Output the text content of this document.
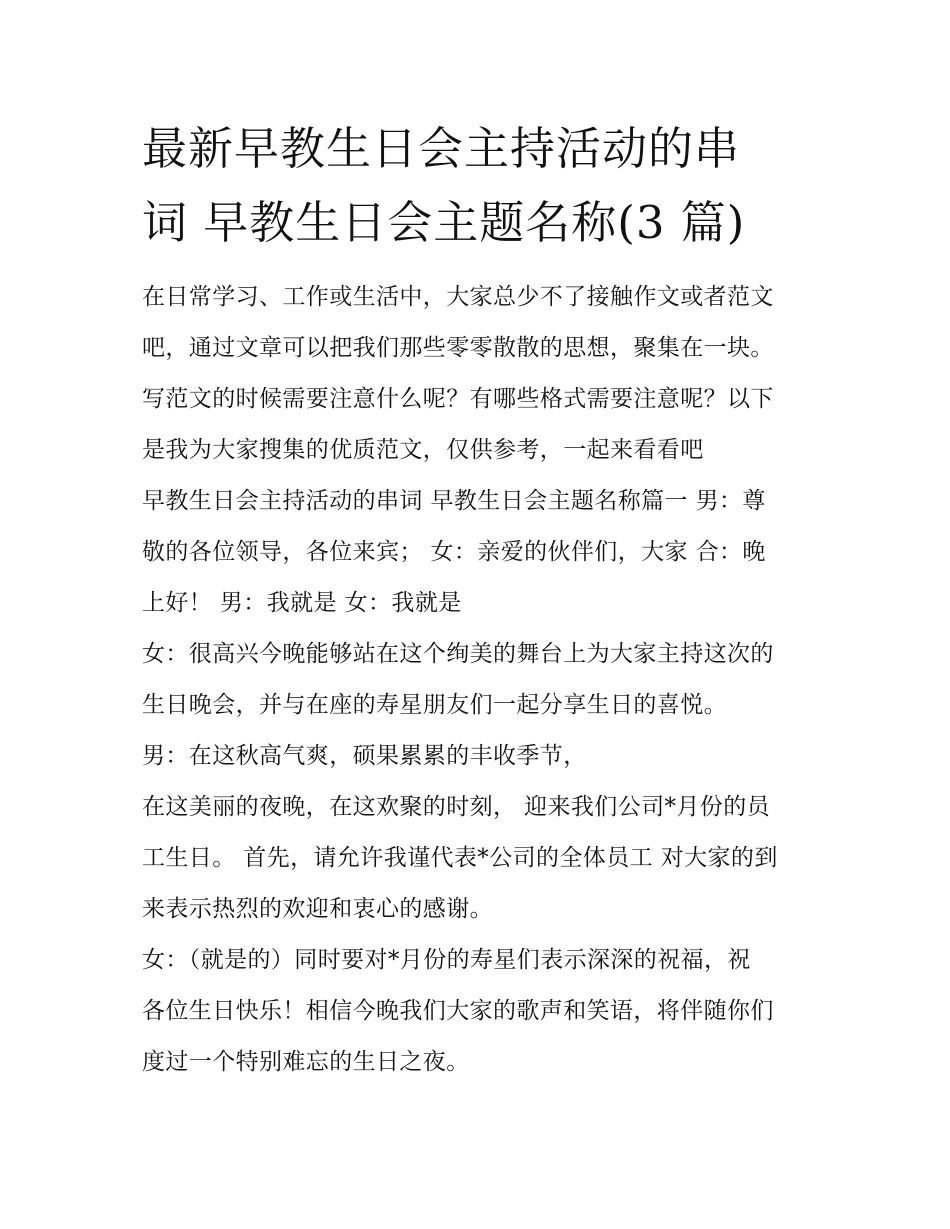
最新早教生日会主持活动的串
词 早教生日会主题名称(3 篇)

在日常学习、工作或生活中，大家总少不了接触作文或者范文
吧，通过文章可以把我们那些零零散散的思想，聚集在一块。
写范文的时候需要注意什么呢？有哪些格式需要注意呢？以下
是我为大家搜集的优质范文，仅供参考，一起来看看吧

早教生日会主持活动的串词 早教生日会主题名称篇一 男：尊
敬的各位领导，各位来宾； 女：亲爱的伙伴们，大家 合：晚
上好！ 男：我就是 女：我就是

女：很高兴今晚能够站在这个绚美的舞台上为大家主持这次的
生日晚会，并与在座的寿星朋友们一起分享生日的喜悦。

男：在这秋高气爽，硕果累累的丰收季节，

在这美丽的夜晚，在这欢聚的时刻， 迎来我们公司*月份的员
工生日。 首先，请允许我谨代表*公司的全体员工 对大家的到
来表示热烈的欢迎和衷心的感谢。

女：（就是的）同时要对*月份的寿星们表示深深的祝福，祝
各位生日快乐！相信今晚我们大家的歌声和笑语，将伴随你们
度过一个特别难忘的生日之夜。
